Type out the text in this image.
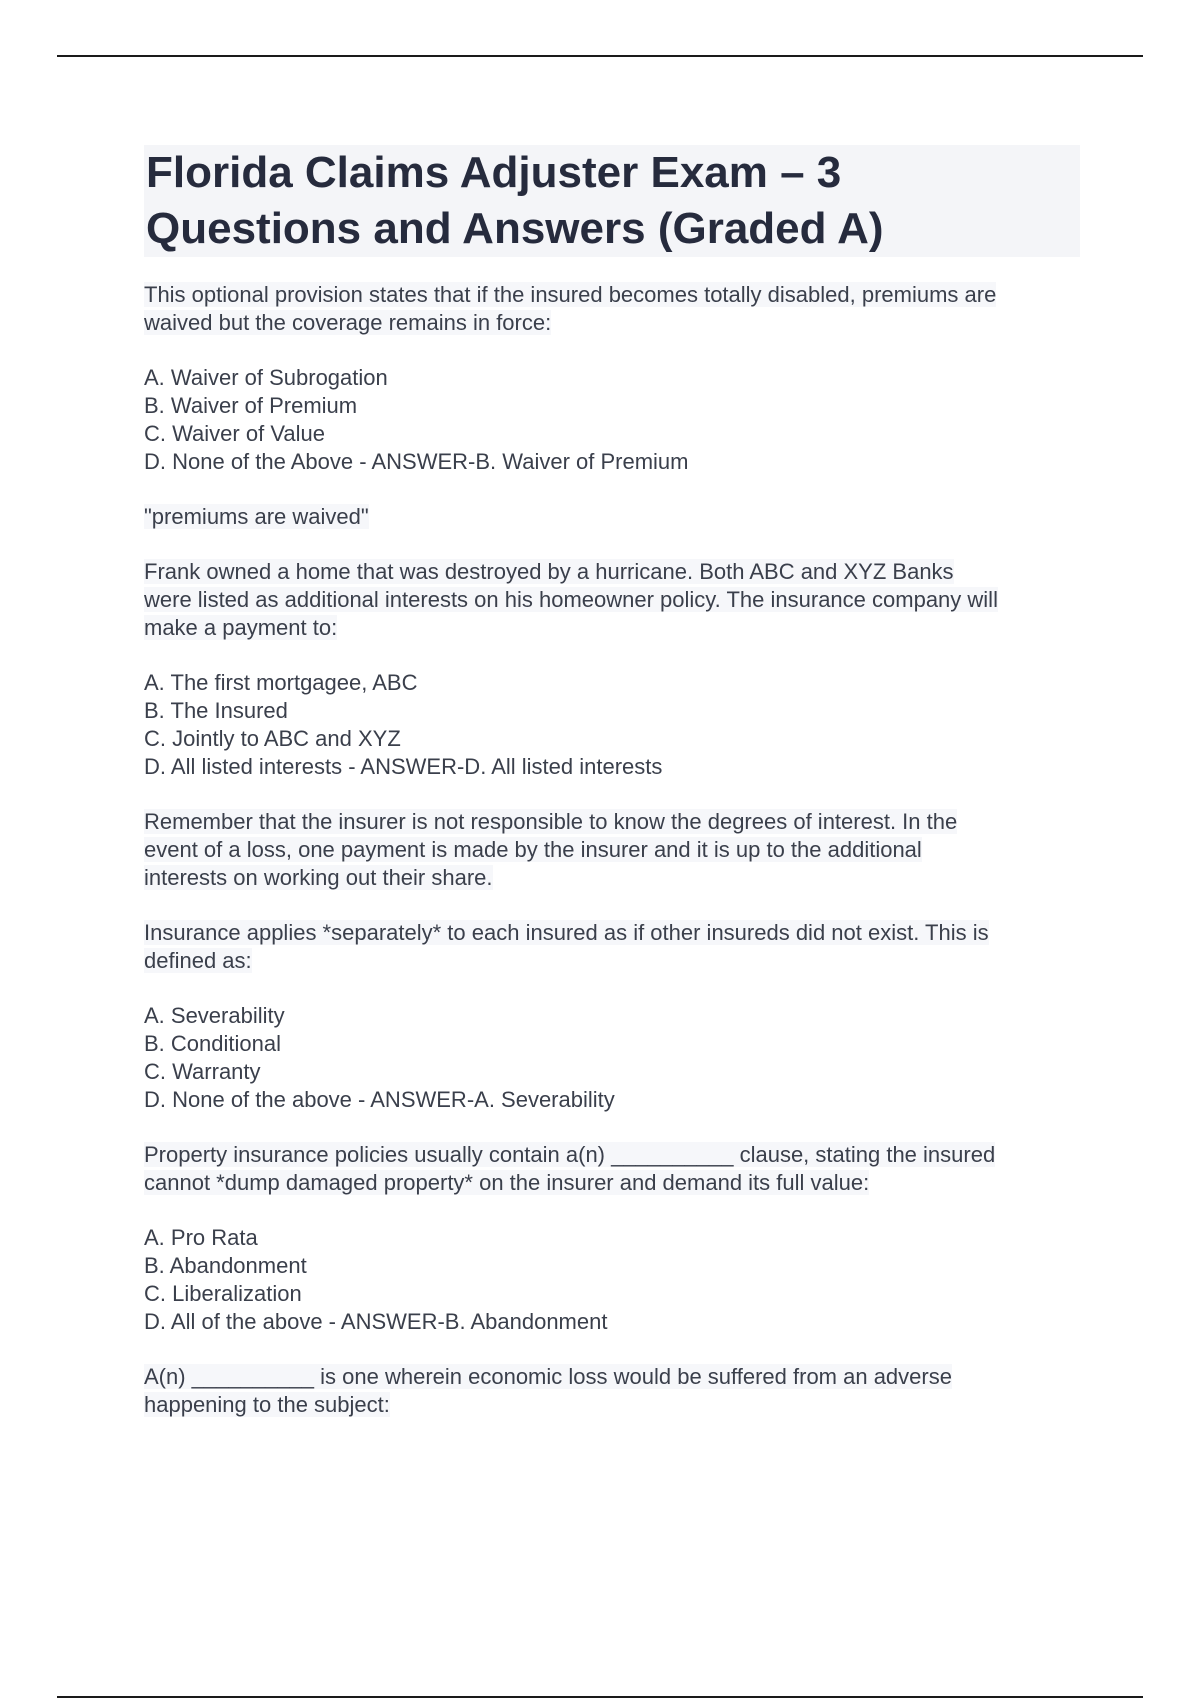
Florida Claims Adjuster Exam – 3
Questions and Answers (Graded A)
This optional provision states that if the insured becomes totally disabled, premiums are
waived but the coverage remains in force:
A. Waiver of Subrogation
B. Waiver of Premium
C. Waiver of Value
D. None of the Above - ANSWER-B. Waiver of Premium
"premiums are waived"
Frank owned a home that was destroyed by a hurricane. Both ABC and XYZ Banks
were listed as additional interests on his homeowner policy. The insurance company will
make a payment to:
A. The first mortgagee, ABC
B. The Insured
C. Jointly to ABC and XYZ
D. All listed interests - ANSWER-D. All listed interests
Remember that the insurer is not responsible to know the degrees of interest. In the
event of a loss, one payment is made by the insurer and it is up to the additional
interests on working out their share.
Insurance applies *separately* to each insured as if other insureds did not exist. This is
defined as:
A. Severability
B. Conditional
C. Warranty
D. None of the above - ANSWER-A. Severability
Property insurance policies usually contain a(n) __________ clause, stating the insured
cannot *dump damaged property* on the insurer and demand its full value:
A. Pro Rata
B. Abandonment
C. Liberalization
D. All of the above - ANSWER-B. Abandonment
A(n) __________ is one wherein economic loss would be suffered from an adverse
happening to the subject:
